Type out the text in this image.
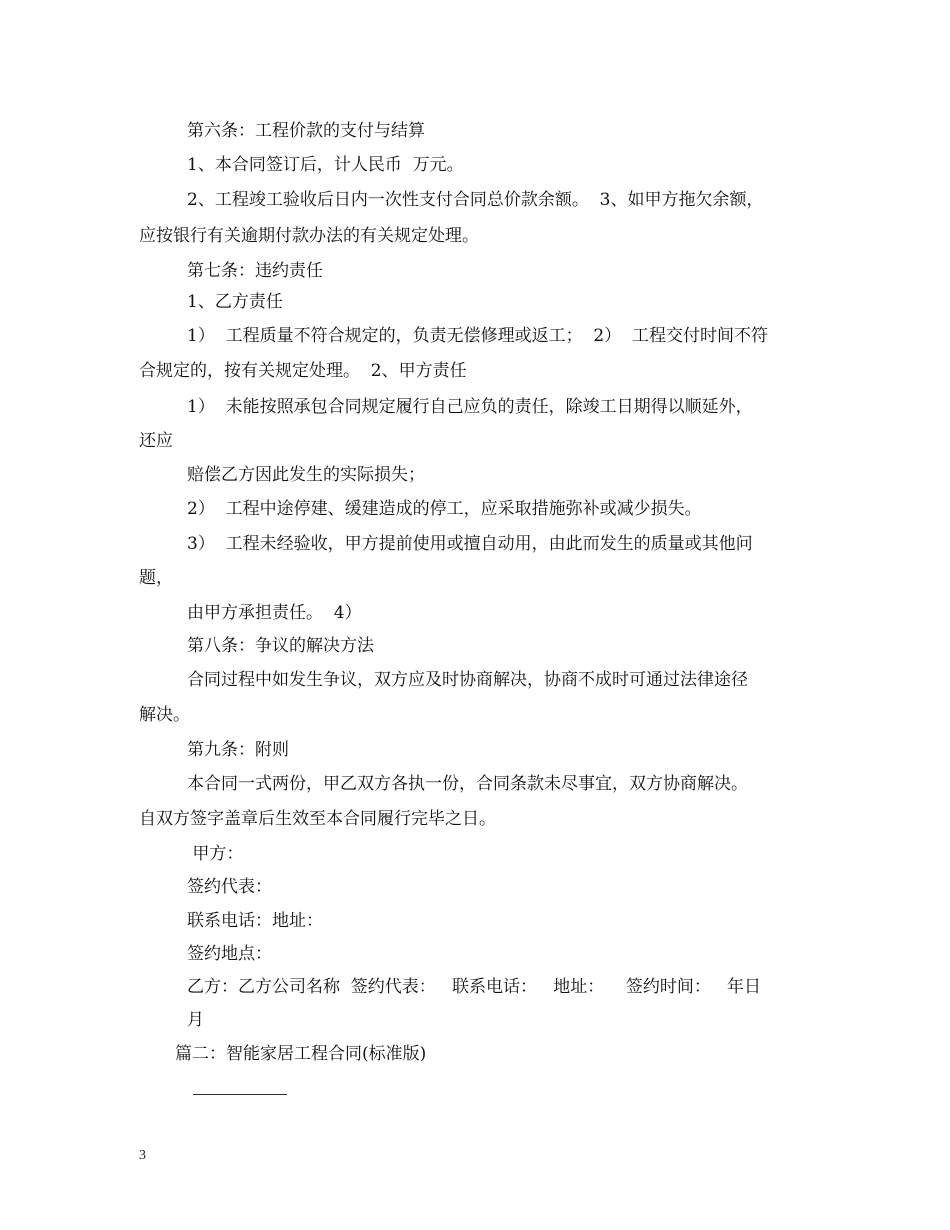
第六条：工程价款的支付与结算
1、本合同签订后，计人民币  万元。
2、工程竣工验收后日内一次性支付合同总价款余额。  3、如甲方拖欠余额，
应按银行有关逾期付款办法的有关规定处理。
第七条：违约责任
1、乙方责任
1）  工程质量不符合规定的，负责无偿修理或返工；  2）  工程交付时间不符
合规定的，按有关规定处理。  2、甲方责任
1）  未能按照承包合同规定履行自己应负的责任，除竣工日期得以顺延外，
还应
赔偿乙方因此发生的实际损失；
2）  工程中途停建、缓建造成的停工，应采取措施弥补或减少损失。
3）  工程未经验收，甲方提前使用或擅自动用，由此而发生的质量或其他问
题，
由甲方承担责任。  4）
第八条：争议的解决方法
合同过程中如发生争议，双方应及时协商解决，协商不成时可通过法律途径
解决。
第九条：附则
本合同一式两份，甲乙双方各执一份，合同条款未尽事宜，双方协商解决。
自双方签字盖章后生效至本合同履行完毕之日。
甲方：
签约代表：
联系电话：地址：
签约地点：
乙方：乙方公司名称  签约代表：   联系电话：   地址：    签约时间：   年日
月
篇二：智能家居工程合同(标准版)
3
